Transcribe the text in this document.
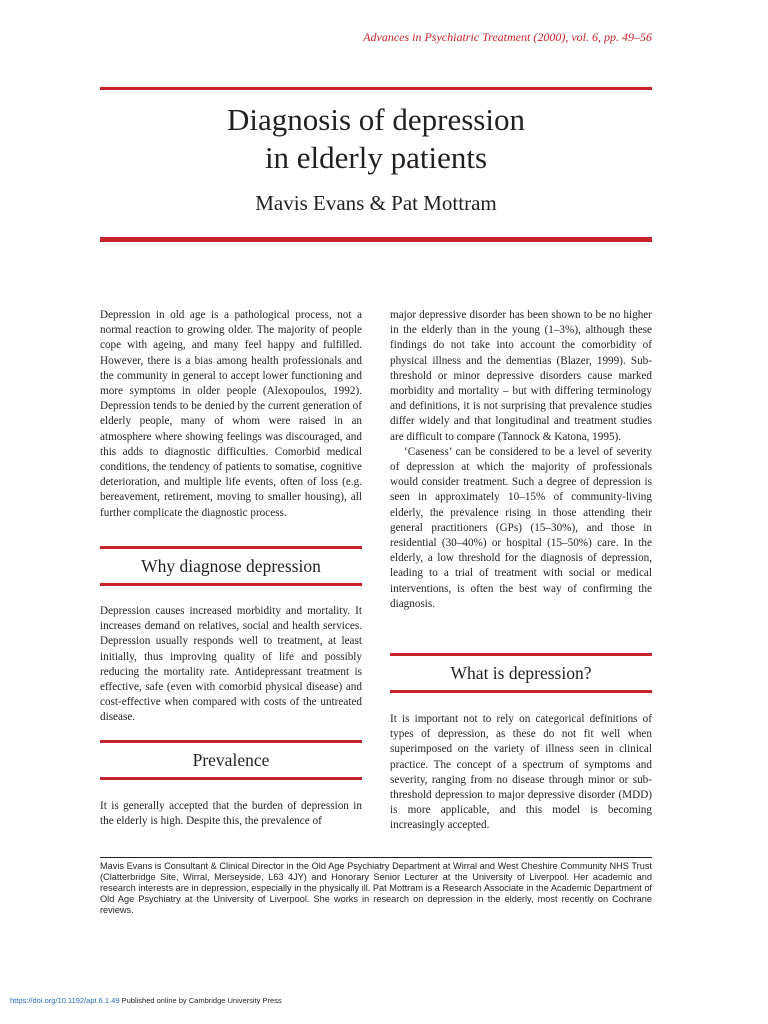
Advances in Psychiatric Treatment (2000), vol. 6, pp. 49–56
Diagnosis of depression
in elderly patients
Mavis Evans & Pat Mottram

Depression in old age is a pathological process, not a normal reaction to growing older. The majority of people cope with ageing, and many feel happy and fulfilled. However, there is a bias among health professionals and the community in general to accept lower functioning and more symptoms in older people (Alexopoulos, 1992). Depression tends to be denied by the current generation of elderly people, many of whom were raised in an atmosphere where showing feelings was discouraged, and this adds to diagnostic difficulties. Comorbid medical conditions, the tendency of patients to somatise, cognitive deterioration, and multiple life events, often of loss (e.g. bereavement, retirement, moving to smaller housing), all further complicate the diagnostic process.

Why diagnose depression

Depression causes increased morbidity and mortality. It increases demand on relatives, social and health services. Depression usually responds well to treatment, at least initially, thus improving quality of life and possibly reducing the mortality rate. Antidepressant treatment is effective, safe (even with comorbid physical disease) and cost-effective when compared with costs of the untreated disease.

Prevalence

It is generally accepted that the burden of depression in the elderly is high. Despite this, the prevalence of

major depressive disorder has been shown to be no higher in the elderly than in the young (1–3%), although these findings do not take into account the comorbidity of physical illness and the dementias (Blazer, 1999). Sub-threshold or minor depressive disorders cause marked morbidity and mortality – but with differing terminology and definitions, it is not surprising that prevalence studies differ widely and that longitudinal and treatment studies are difficult to compare (Tannock & Katona, 1995).

‘Caseness’ can be considered to be a level of severity of depression at which the majority of professionals would consider treatment. Such a degree of depression is seen in approximately 10–15% of community-living elderly, the prevalence rising in those attending their general practitioners (GPs) (15–30%), and those in residential (30–40%) or hospital (15–50%) care. In the elderly, a low threshold for the diagnosis of depression, leading to a trial of treatment with social or medical interventions, is often the best way of confirming the diagnosis.

What is depression?

It is important not to rely on categorical definitions of types of depression, as these do not fit well when superimposed on the variety of illness seen in clinical practice. The concept of a spectrum of symptoms and severity, ranging from no disease through minor or sub-threshold depression to major depressive disorder (MDD) is more applicable, and this model is becoming increasingly accepted.

Mavis Evans is Consultant & Clinical Director in the Old Age Psychiatry Department at Wirral and West Cheshire Community NHS Trust (Clatterbridge Site, Wirral, Merseyside, L63 4JY) and Honorary Senior Lecturer at the University of Liverpool. Her academic and research interests are in depression, especially in the physically ill. Pat Mottram is a Research Associate in the Academic Department of Old Age Psychiatry at the University of Liverpool. She works in research on depression in the elderly, most recently on Cochrane reviews.
https://doi.org/10.1192/apt.6.1.49 Published online by Cambridge University Press
